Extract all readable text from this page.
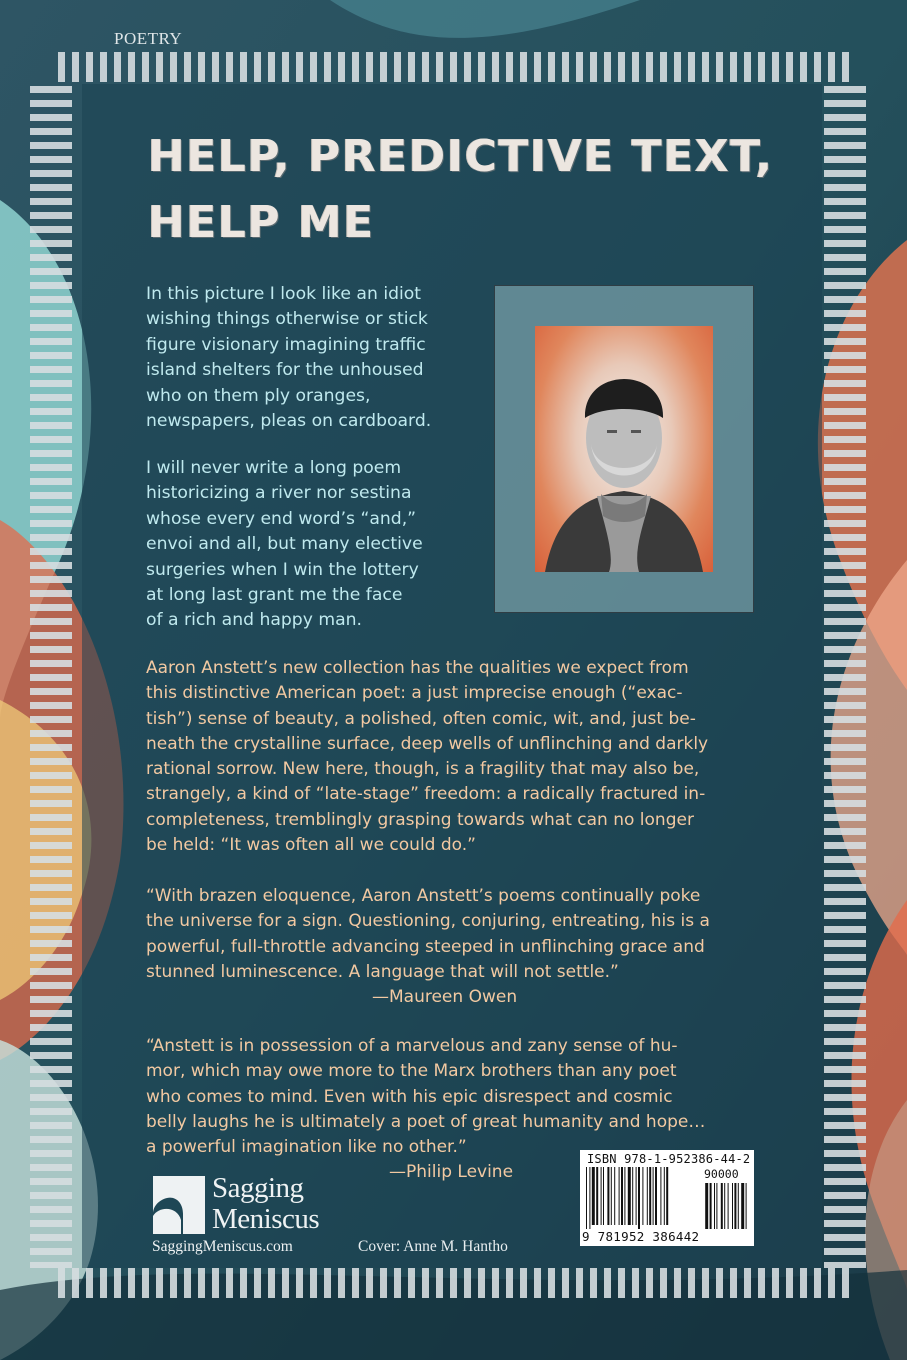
POETRY
HELP, PREDICTIVE TEXT,
HELP ME

In this picture I look like an idiot
wishing things otherwise or stick
figure visionary imagining traffic
island shelters for the unhoused
who on them ply oranges,
newspapers, pleas on cardboard.

I will never write a long poem
historicizing a river nor sestina
whose every end word’s “and,”
envoi and all, but many elective
surgeries when I win the lottery
at long last grant me the face
of a rich and happy man.

Aaron Anstett’s new collection has the qualities we expect from
this distinctive American poet: a just imprecise enough (“exac-
tish”) sense of beauty, a polished, often comic, wit, and, just be-
neath the crystalline surface, deep wells of unflinching and darkly
rational sorrow. New here, though, is a fragility that may also be,
strangely, a kind of “late-stage” freedom: a radically fractured in-
completeness, tremblingly grasping towards what can no longer
be held: “It was often all we could do.”

“With brazen eloquence, Aaron Anstett’s poems continually poke
the universe for a sign. Questioning, conjuring, entreating, his is a
powerful, full-throttle advancing steeped in unflinching grace and
stunned luminescence. A language that will not settle.”

—Maureen Owen

“Anstett is in possession of a marvelous and zany sense of hu-
mor, which may owe more to the Marx brothers than any poet
who comes to mind. Even with his epic disrespect and cosmic
belly laughs he is ultimately a poet of great humanity and hope…
a powerful imagination like no other.”

—Philip Levine
Sagging
Meniscus
SaggingMeniscus.com	Cover: Anne M. Hantho
ISBN 978-1-952386-44-2
90000
9 781952 386442
